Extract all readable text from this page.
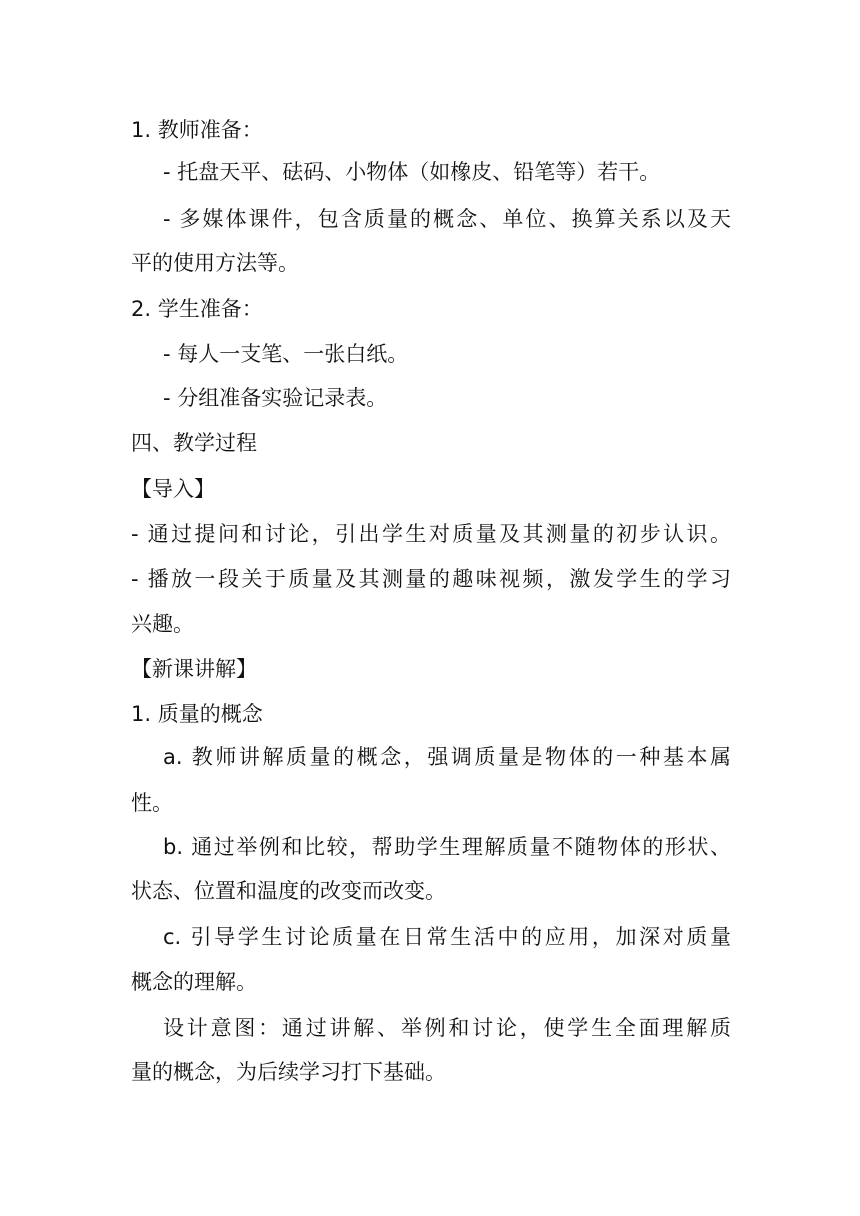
1. 教师准备：
- 托盘天平、砝码、小物体（如橡皮、铅笔等）若干。
- 多媒体课件，包含质量的概念、单位、换算关系以及天
平的使用方法等。
2. 学生准备：
- 每人一支笔、一张白纸。
- 分组准备实验记录表。
四、教学过程
【导入】
- 通过提问和讨论，引出学生对质量及其测量的初步认识。
- 播放一段关于质量及其测量的趣味视频，激发学生的学习
兴趣。
【新课讲解】
1. 质量的概念
a. 教师讲解质量的概念，强调质量是物体的一种基本属
性。
b. 通过举例和比较，帮助学生理解质量不随物体的形状、
状态、位置和温度的改变而改变。
c. 引导学生讨论质量在日常生活中的应用，加深对质量
概念的理解。
设计意图：通过讲解、举例和讨论，使学生全面理解质
量的概念，为后续学习打下基础。
